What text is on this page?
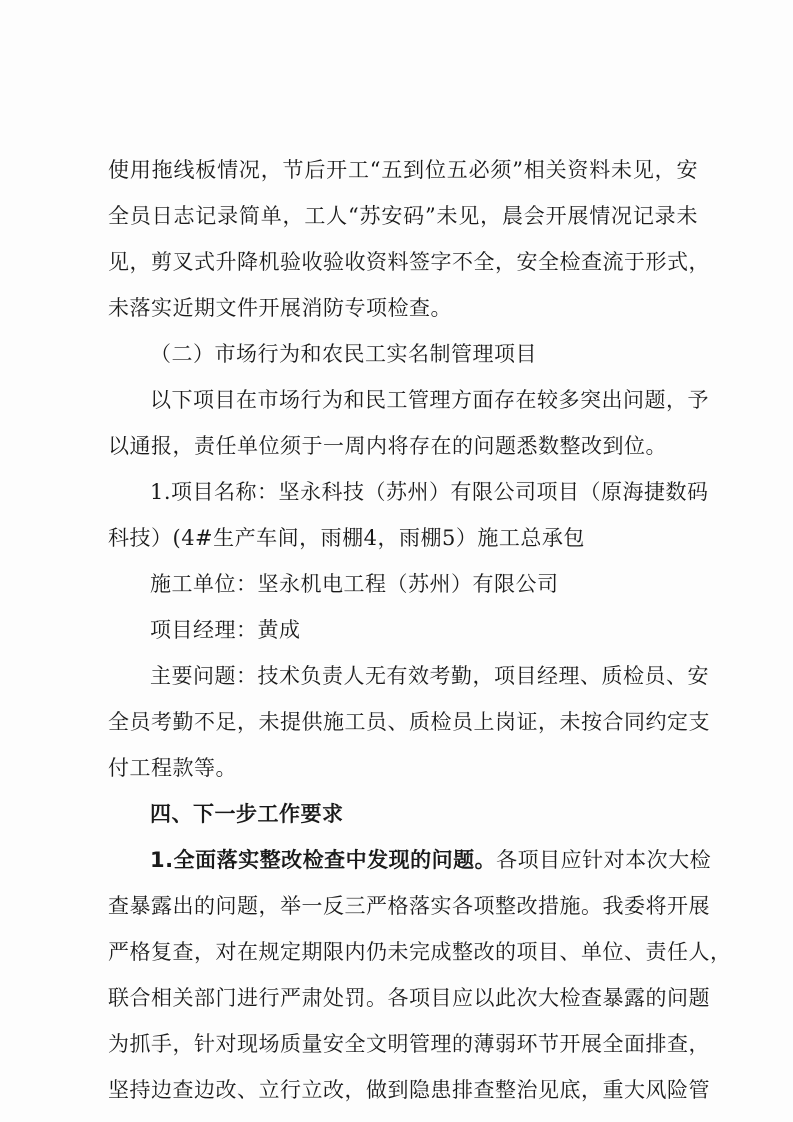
使用拖线板情况，节后开工“五到位五必须”相关资料未见，安
全员日志记录简单，工人“苏安码”未见，晨会开展情况记录未
见，剪叉式升降机验收验收资料签字不全，安全检查流于形式，
未落实近期文件开展消防专项检查。
（二）市场行为和农民工实名制管理项目
以下项目在市场行为和民工管理方面存在较多突出问题，予
以通报，责任单位须于一周内将存在的问题悉数整改到位。
1.项目名称：坚永科技（苏州）有限公司项目（原海捷数码
科技）(4#生产车间，雨棚4，雨棚5）施工总承包
施工单位：坚永机电工程（苏州）有限公司
项目经理：黄成
主要问题：技术负责人无有效考勤，项目经理、质检员、安
全员考勤不足，未提供施工员、质检员上岗证，未按合同约定支
付工程款等。
四、下一步工作要求
1.全面落实整改检查中发现的问题。各项目应针对本次大检
查暴露出的问题，举一反三严格落实各项整改措施。我委将开展
严格复查，对在规定期限内仍未完成整改的项目、单位、责任人，
联合相关部门进行严肃处罚。各项目应以此次大检查暴露的问题
为抓手，针对现场质量安全文明管理的薄弱环节开展全面排查，
坚持边查边改、立行立改，做到隐患排查整治见底，重大风险管
